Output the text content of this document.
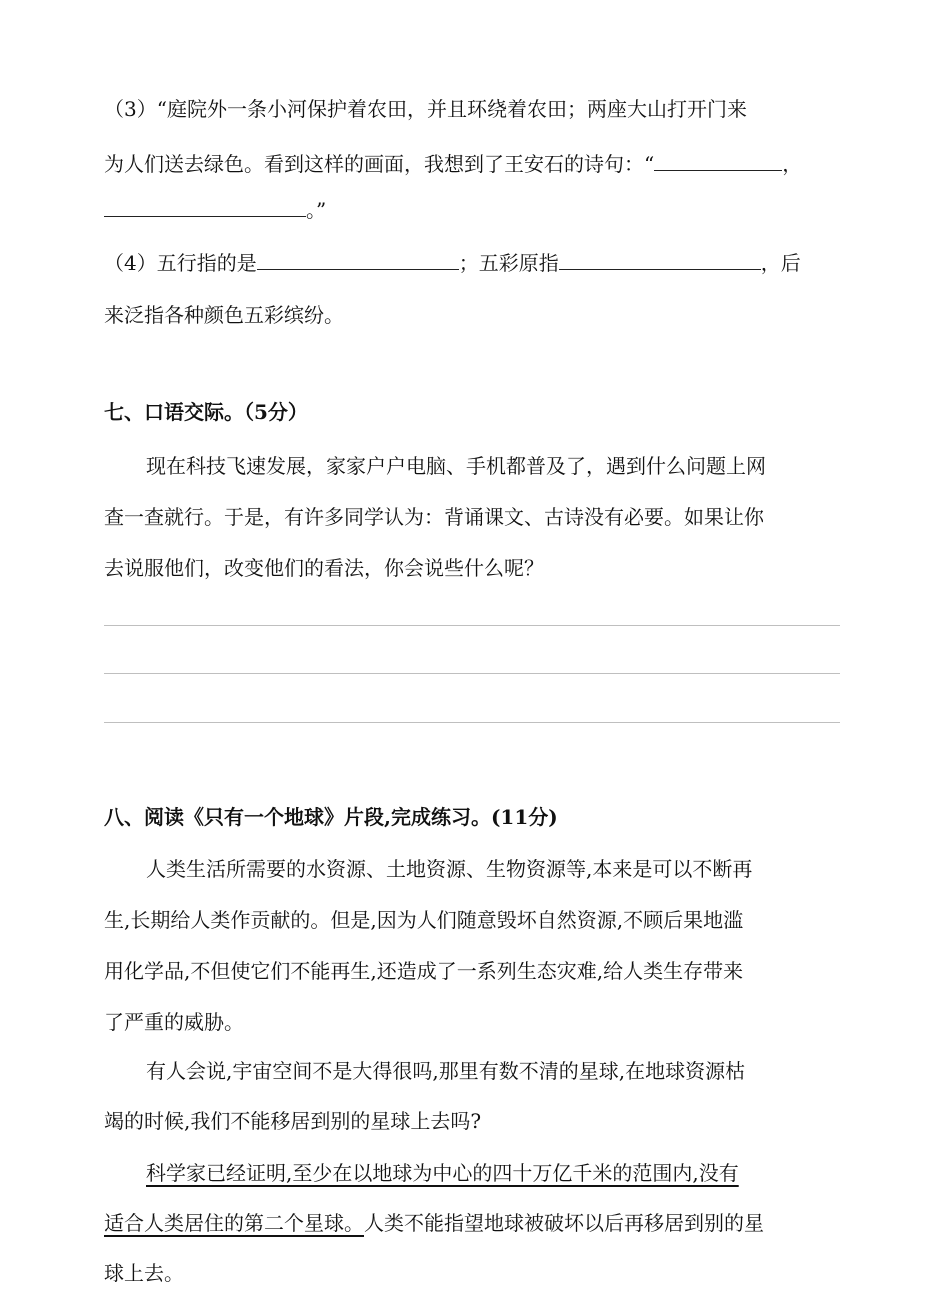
（3）“庭院外一条小河保护着农田，并且环绕着农田；两座大山打开门来
为人们送去绿色。看到这样的画面，我想到了王安石的诗句：“	，
。”
（4）五行指的是	；五彩原指	，后
来泛指各种颜色五彩缤纷。
七、口语交际。（5分）
现在科技飞速发展，家家户户电脑、手机都普及了，遇到什么问题上网
查一查就行。于是，有许多同学认为：背诵课文、古诗没有必要。如果让你
去说服他们，改变他们的看法，你会说些什么呢？
八、阅读《只有一个地球》片段,完成练习。(11分)
人类生活所需要的水资源、土地资源、生物资源等,本来是可以不断再
生,长期给人类作贡献的。但是,因为人们随意毁坏自然资源,不顾后果地滥
用化学品,不但使它们不能再生,还造成了一系列生态灾难,给人类生存带来
了严重的威胁。
有人会说,宇宙空间不是大得很吗,那里有数不清的星球,在地球资源枯
竭的时候,我们不能移居到别的星球上去吗?
科学家已经证明,至少在以地球为中心的四十万亿千米的范围内,没有
适合人类居住的第二个星球。人类不能指望地球被破坏以后再移居到别的星
球上去。
